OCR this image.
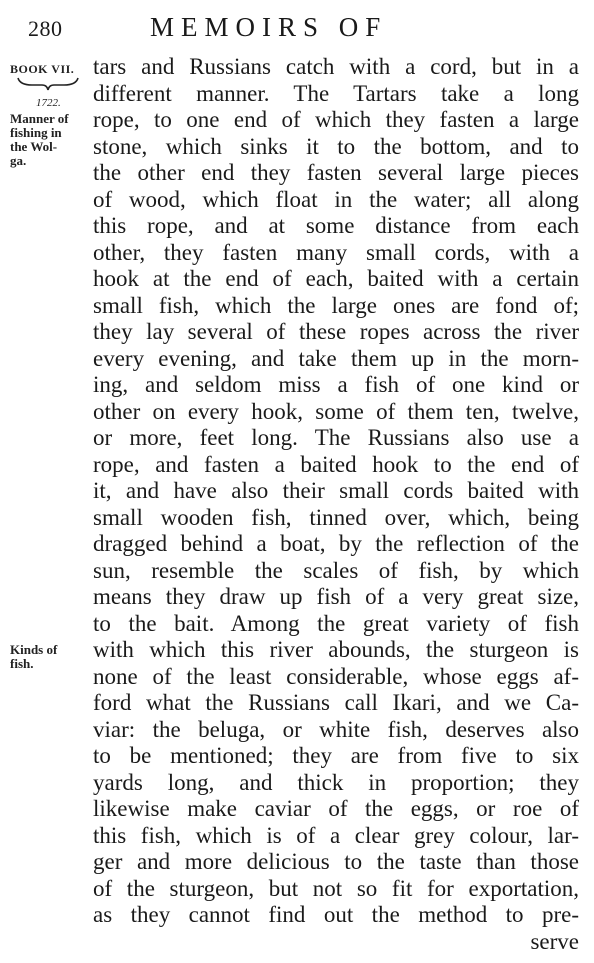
280	MEMOIRS OF
BOOK VII.
1722.
Manner of
fishing in
the Wol-
ga.
Kinds of
fish.
tars and Russians catch with a cord, but in a
different manner. The Tartars take a long
rope, to one end of which they fasten a large
stone, which sinks it to the bottom, and to
the other end they fasten several large pieces
of wood, which float in the water; all along
this rope, and at some distance from each
other, they fasten many small cords, with a
hook at the end of each, baited with a certain
small fish, which the large ones are fond of;
they lay several of these ropes across the river
every evening, and take them up in the morn-
ing, and seldom miss a fish of one kind or
other on every hook, some of them ten, twelve,
or more, feet long. The Russians also use a
rope, and fasten a baited hook to the end of
it, and have also their small cords baited with
small wooden fish, tinned over, which, being
dragged behind a boat, by the reflection of the
sun, resemble the scales of fish, by which
means they draw up fish of a very great size,
to the bait. Among the great variety of fish
with which this river abounds, the sturgeon is
none of the least considerable, whose eggs af-
ford what the Russians call Ikari, and we Ca-
viar: the beluga, or white fish, deserves also
to be mentioned; they are from five to six
yards long, and thick in proportion; they
likewise make caviar of the eggs, or roe of
this fish, which is of a clear grey colour, lar-
ger and more delicious to the taste than those
of the sturgeon, but not so fit for exportation,
as they cannot find out the method to pre-
serve
